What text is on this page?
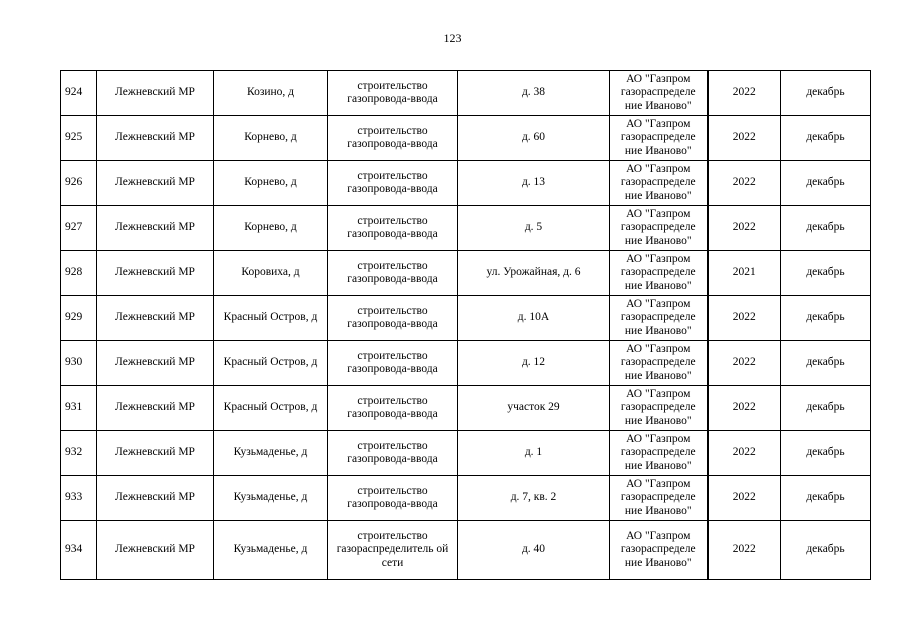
123
924	Лежневский МР	Козино, д	строительство газопровода-ввода	д. 38	АО "Газпром газораспределе ние Иваново"	2022	декабрь
925	Лежневский МР	Корнево, д	строительство газопровода-ввода	д. 60	АО "Газпром газораспределе ние Иваново"	2022	декабрь
926	Лежневский МР	Корнево, д	строительство газопровода-ввода	д. 13	АО "Газпром газораспределе ние Иваново"	2022	декабрь
927	Лежневский МР	Корнево, д	строительство газопровода-ввода	д. 5	АО "Газпром газораспределе ние Иваново"	2022	декабрь
928	Лежневский МР	Коровиха, д	строительство газопровода-ввода	ул. Урожайная, д. 6	АО "Газпром газораспределе ние Иваново"	2021	декабрь
929	Лежневский МР	Красный Остров, д	строительство газопровода-ввода	д. 10А	АО "Газпром газораспределе ние Иваново"	2022	декабрь
930	Лежневский МР	Красный Остров, д	строительство газопровода-ввода	д. 12	АО "Газпром газораспределе ние Иваново"	2022	декабрь
931	Лежневский МР	Красный Остров, д	строительство газопровода-ввода	участок 29	АО "Газпром газораспределе ние Иваново"	2022	декабрь
932	Лежневский МР	Кузьмаденье, д	строительство газопровода-ввода	д. 1	АО "Газпром газораспределе ние Иваново"	2022	декабрь
933	Лежневский МР	Кузьмаденье, д	строительство газопровода-ввода	д. 7, кв. 2	АО "Газпром газораспределе ние Иваново"	2022	декабрь
934	Лежневский МР	Кузьмаденье, д	строительство газораспределитель ой сети	д. 40	АО "Газпром газораспределе ние Иваново"	2022	декабрь
